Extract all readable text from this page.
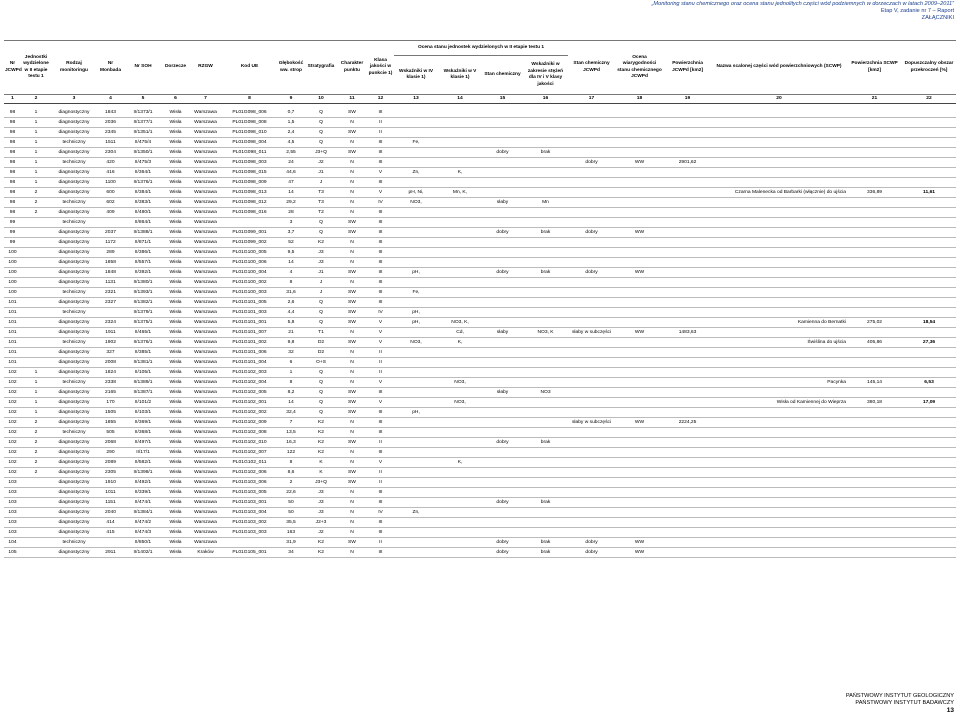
„Monitoring stanu chemicznego oraz ocena stanu jednolitych części wód podziemnych w dorzeczach w latach 2009–2011”
Etap V, zadanie nr 7 – Raport
ZAŁĄCZNIKI
Nr JCWPd	Jednostki wydzielone w II etapie testu 1	Rodzaj monitoringu	Nr Monbada	Nr SOH	Dorzecze	RZGW	Kod UE	Głębokość ww. strop	Stratygrafia	Charakter punktu	Klasa jakości w punkcie 1)	Ocena stanu jednostek wydzielonych w II etapie testu 1				Stan chemiczny JCWPd	Ocena wiarygodności stanu chemicznego JCWPd	Powierzchnia JCWPd [km2]	Nazwa scalonej części wód powierzchniowych (SCWP)	Powierzchnia SCWP [km2]	Dopuszczalny obszar przekroczeń [%]
												Wskaźniki w IV klasie 1)	Wskaźniki w V klasie 1)	Stan chemiczny	Wskaźniki w zakresie stężeń dla IV i V klasy jakości						
1	2	3	4	5	6	7	8	9	10	11	12	13	14	15	16	17	18	19	20	21	22

98	1	diagnostyczny	1843	II/1373/1	Wisła	Warszawa	PL01G098_006	0,7	Q	SW	III										
98	1	diagnostyczny	2036	II/1377/1	Wisła	Warszawa	PL01G098_008	1,5	Q	N	II										
98	1	diagnostyczny	2345	II/1351/1	Wisła	Warszawa	PL01G098_010	2,4	Q	SW	II										
98	1	techniczny	1511	II/475/4	Wisła	Warszawa	PL01G098_004	4,5	Q	N	III	Fe,									
98	1	diagnostyczny	2304	II/1350/1	Wisła	Warszawa	PL01G098_011	2,55	J3+Q	SW	III			dobry	brak						
98	1	techniczny	420	II/475/3	Wisła	Warszawa	PL01G098_003	24	J2	N	III					dobry	WW	2901,62			
98	1	diagnostyczny	416	II/364/1	Wisła	Warszawa	PL01G098_015	44,6	J1	N	V	Zn,	K,								
98	1	diagnostyczny	1100	II/1376/1	Wisła	Warszawa	PL01G098_009	47	J	N	III										
98	2	diagnostyczny	600	II/384/1	Wisła	Warszawa	PL01G098_013	14	T3	N	V	pH, Ni,	Mn, K,						Czarna Malenecka od Barbarki (włącznie) do ujścia	336,89	11,61
98	2	techniczny	602	II/383/1	Wisła	Warszawa	PL01G098_012	29,2	T3	N	IV	NO3,		słaby	Mn						
98	2	diagnostyczny	409	II/480/1	Wisła	Warszawa	PL01G098_016	28	T2	N	III										
99		techniczny		II/864/1	Wisła	Warszawa		3	Q	SW	III										
99		diagnostyczny	2037	II/1388/1	Wisła	Warszawa	PL01G099_001	3,7	Q	SW	III			dobry	brak	dobry	WW				
99		diagnostyczny	1172	II/871/1	Wisła	Warszawa	PL01G099_002	52	K2	N	III										
100		diagnostyczny	289	II/386/1	Wisła	Warszawa	PL01G100_005	9,5	J3	N	III										
100		diagnostyczny	1858	II/557/1	Wisła	Warszawa	PL01G100_006	14	J3	N	III										
100		diagnostyczny	1848	II/392/1	Wisła	Warszawa	PL01G100_004	4	J1	SW	III	pH,		dobry	brak	dobry	WW				
100		diagnostyczny	1131	II/1380/1	Wisła	Warszawa	PL01G100_002	8	J	N	III										
100		techniczny	2321	II/1393/1	Wisła	Warszawa	PL01G100_003	31,6	J	SW	III	Fe,									
101		diagnostyczny	2327	II/1382/1	Wisła	Warszawa	PL01G101_005	2,6	Q	SW	III										
101		techniczny		II/1379/1	Wisła	Warszawa	PL01G101_003	4,4	Q	SW	IV	pH,									
101		diagnostyczny	2324	II/1375/1	Wisła	Warszawa	PL01G101_001	5,8	Q	SW	V	pH,	NO3, K,						Kamienna do Bernatki	275,02	18,54
101		diagnostyczny	1911	II/465/1	Wisła	Warszawa	PL01G101_007	21	T1	N	V		Cd,	słaby	NO3, K	słaby w subczęści	WW	1483,63			
101		techniczny	1902	II/1376/1	Wisła	Warszawa	PL01G101_002	9,8	D2	SW	V	NO3,	K,						Świślina do ujścia	405,86	27,36
101		diagnostyczny	327	II/385/1	Wisła	Warszawa	PL01G101_006	32	D2	N	II										
101		diagnostyczny	2008	II/1381/1	Wisła	Warszawa	PL01G101_004	6	O+S	N	II										
102	1	diagnostyczny	1824	II/105/1	Wisła	Warszawa	PL01G102_003	1	Q	N	II										
102	1	techniczny	2338	II/1389/1	Wisła	Warszawa	PL01G102_004	8	Q	N	V		NO3,						Pacynka	145,14	6,53
102	1	diagnostyczny	2165	II/1387/1	Wisła	Warszawa	PL01G102_005	8,2	Q	SW	III			słaby	NO3						
102	1	diagnostyczny	170	II/101/2	Wisła	Warszawa	PL01G102_001	14	Q	SW	V		NO3,						Wisła od Kamiennej do Wieprza	380,18	17,09
102	1	diagnostyczny	1505	II/103/1	Wisła	Warszawa	PL01G102_002	32,4	Q	SW	III	pH,									
102	2	diagnostyczny	1855	II/369/1	Wisła	Warszawa	PL01G102_009	7	K2	N	III					słaby w subczęści	WW	2224,25			
102	2	techniczny	505	II/368/1	Wisła	Warszawa	PL01G102_008	13,5	K2	N	III										
102	2	diagnostyczny	2068	II/497/1	Wisła	Warszawa	PL01G102_010	16,3	K2	SW	II			dobry	brak						
102	2	diagnostyczny	290	II/17/1	Wisła	Warszawa	PL01G102_007	122	K2	N	III										
102	2	diagnostyczny	2089	II/582/1	Wisła	Warszawa	PL01G102_011	8	K	N	V		K,								
102	2	diagnostyczny	2305	II/1398/1	Wisła	Warszawa	PL01G102_006	8,6	K	SW	II										
103		diagnostyczny	1910	II/492/1	Wisła	Warszawa	PL01G103_006	2	J3+Q	SW	II										
103		diagnostyczny	1011	II/339/1	Wisła	Warszawa	PL01G103_005	22,6	J3	N	III										
103		diagnostyczny	1151	II/474/1	Wisła	Warszawa	PL01G103_001	50	J3	N	III			dobry	brak						
103		diagnostyczny	2040	II/1384/1	Wisła	Warszawa	PL01G103_004	50	J3	N	IV	Zn,									
103		diagnostyczny	414	II/474/2	Wisła	Warszawa	PL01G103_002	35,5	J2+3	N	III										
103		diagnostyczny	415	II/474/3	Wisła	Warszawa	PL01G103_003	163	J2	N	III										
104		techniczny		II/850/1	Wisła	Warszawa		31,9	K2	SW	II			dobry	brak	dobry	WW				
105		diagnostyczny	2911	II/1402/1	Wisła	Kraków	PL01G105_001	34	K2	N	III			dobry	brak	dobry	WW				
PAŃSTWOWY INSTYTUT GEOLOGICZNY
PAŃSTWOWY INSTYTUT BADAWCZY
13
